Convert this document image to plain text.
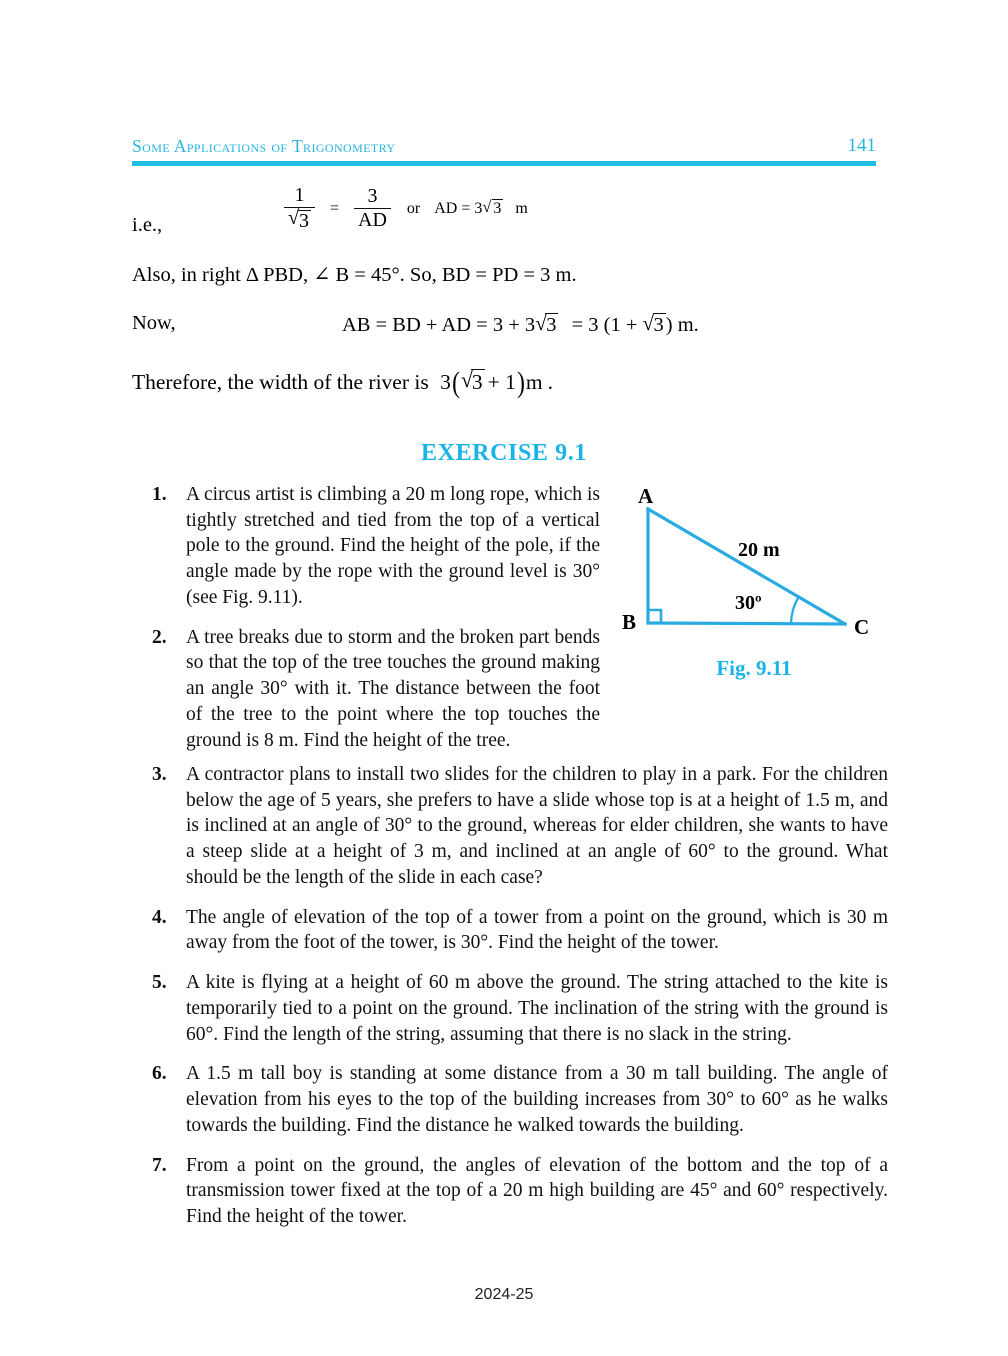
Some Applications of Trigonometry	141
i.e.,	$\frac{1}{√ 3} = \frac{3}{AD}$ or AD = 3 √ 3 m
Also, in right Δ PBD, ∠ B = 45°. So, BD = PD = 3 m.
Now,	AB = BD + AD = 3 + 3 √ 3 = 3 (1 + √ 3) m.
Therefore, the width of the river is 3( √
3 + 1)m .
EXERCISE 9.1
A
B	C
20 m
30º
Fig. 9.11
1. A circus artist is climbing a 20 m long rope, which is tightly stretched and tied from the top of a vertical pole to the ground. Find the height of the pole, if the angle made by the rope with the ground level is 30° (see Fig. 9.11).
2. A tree breaks due to storm and the broken part bends so that the top of the tree touches the ground making an angle 30° with it. The distance between the foot of the tree to the point where the top touches the ground is 8 m. Find the height of the tree.
3. A contractor plans to install two slides for the children to play in a park. For the children below the age of 5 years, she prefers to have a slide whose top is at a height of 1.5 m, and is inclined at an angle of 30° to the ground, whereas for elder children, she wants to have a steep slide at a height of 3 m, and inclined at an angle of 60° to the ground. What should be the length of the slide in each case?
4. The angle of elevation of the top of a tower from a point on the ground, which is 30 m away from the foot of the tower, is 30°. Find the height of the tower.
5. A kite is flying at a height of 60 m above the ground. The string attached to the kite is temporarily tied to a point on the ground. The inclination of the string with the ground is 60°. Find the length of the string, assuming that there is no slack in the string.
6. A 1.5 m tall boy is standing at some distance from a 30 m tall building. The angle of elevation from his eyes to the top of the building increases from 30° to 60° as he walks towards the building. Find the distance he walked towards the building.
7. From a point on the ground, the angles of elevation of the bottom and the top of a transmission tower fixed at the top of a 20 m high building are 45° and 60° respectively. Find the height of the tower.
2024-25
